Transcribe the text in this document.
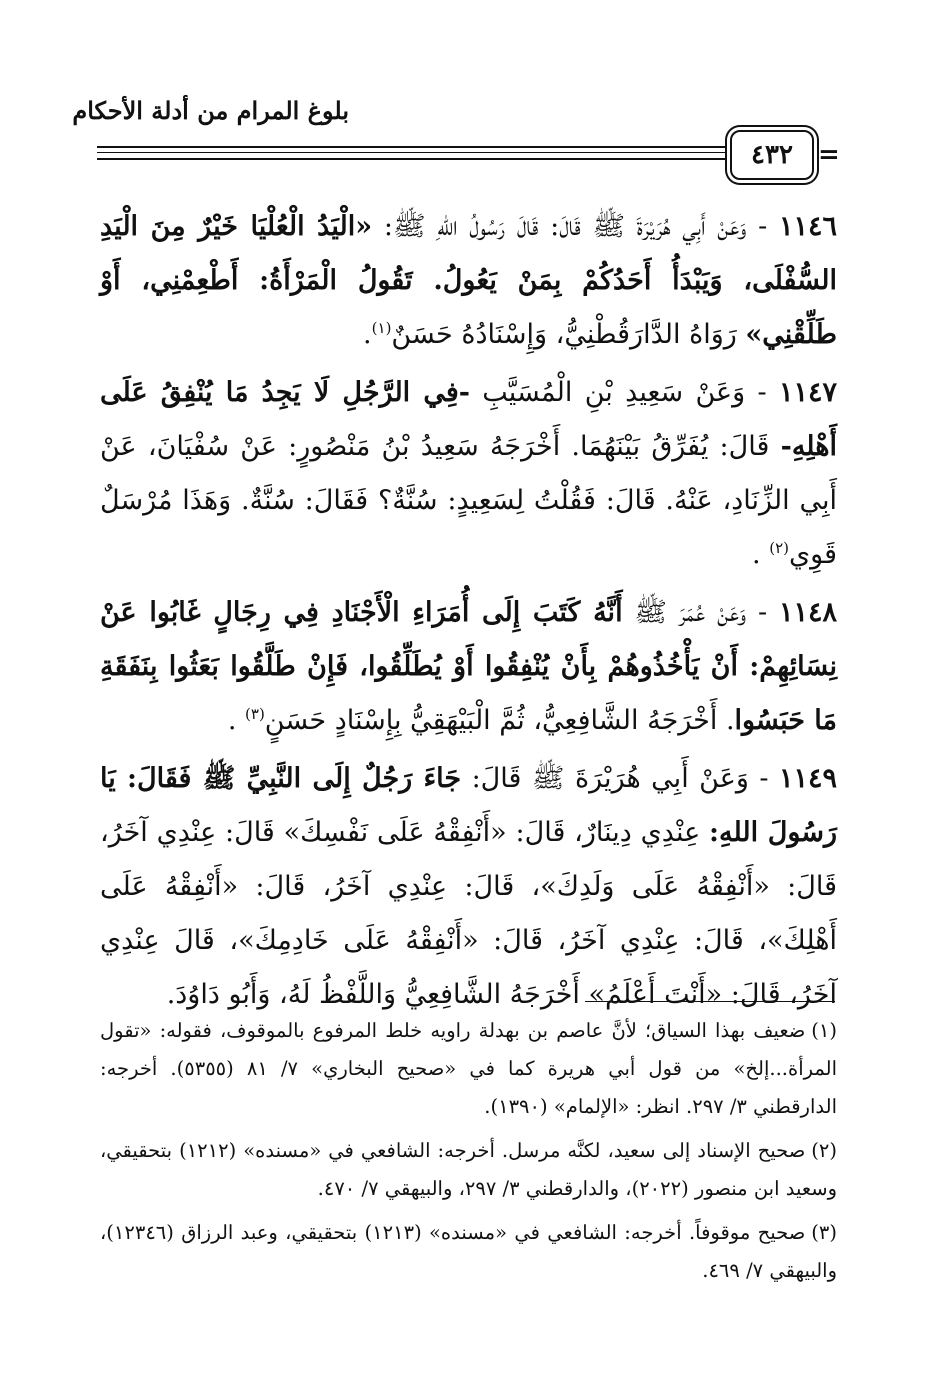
بلوغ المرام من أدلة الأحكام
٤٣٢ =

١١٤٦ - وَعَنْ أَبِي هُرَيْرَةَ ﷺ قَالَ: قَالَ رَسُولُ اللهِ ﷺ: «الْيَدُ الْعُلْيَا خَيْرٌ مِنَ الْيَدِ السُّفْلَى، وَيَبْدَأُ أَحَدُكُمْ بِمَنْ يَعُولُ. تَقُولُ الْمَرْأَةُ: أَطْعِمْنِي، أَوْ طَلِّقْنِي» رَوَاهُ الدَّارَقُطْنِيُّ، وَإِسْنَادُهُ حَسَنٌ$^{(١)}$.

١١٤٧ - وَعَنْ سَعِيدِ بْنِ الْمُسَيَّبِ -فِي الرَّجُلِ لَا يَجِدُ مَا يُنْفِقُ عَلَى أَهْلِهِ- قَالَ: يُفَرِّقُ بَيْنَهُمَا. أَخْرَجَهُ سَعِيدُ بْنُ مَنْصُورٍ: عَنْ سُفْيَانَ، عَنْ أَبِي الزِّنَادِ، عَنْهُ. قَالَ: فَقُلْتُ لِسَعِيدٍ: سُنَّةٌ؟ فَقَالَ: سُنَّةٌ. وَهَذَا مُرْسَلٌ قَوِي$^{(٢)}$ .

١١٤٨ - وَعَنْ عُمَرَ ﷺ أَنَّهُ كَتَبَ إِلَى أُمَرَاءِ الْأَجْنَادِ فِي رِجَالٍ غَابُوا عَنْ نِسَائِهِمْ: أَنْ يَأْخُذُوهُمْ بِأَنْ يُنْفِقُوا أَوْ يُطَلِّقُوا، فَإِنْ طَلَّقُوا بَعَثُوا بِنَفَقَةِ مَا حَبَسُوا. أَخْرَجَهُ الشَّافِعِيُّ، ثُمَّ الْبَيْهَقِيُّ بِإِسْنَادٍ حَسَنٍ$^{(٣)}$ .

١١٤٩ - وَعَنْ أَبِي هُرَيْرَةَ ﷺ قَالَ: جَاءَ رَجُلٌ إِلَى النَّبِيِّ ﷺ فَقَالَ: يَا رَسُولَ اللهِ: عِنْدِي دِينَارٌ، قَالَ: «أَنْفِقْهُ عَلَى نَفْسِكَ» قَالَ: عِنْدِي آخَرُ، قَالَ: «أَنْفِقْهُ عَلَى وَلَدِكَ»، قَالَ: عِنْدِي آخَرُ، قَالَ: «أَنْفِقْهُ عَلَى أَهْلِكَ»، قَالَ: عِنْدِي آخَرُ، قَالَ: «أَنْفِقْهُ عَلَى خَادِمِكَ»، قَالَ عِنْدِي آخَرُ، قَالَ: «أَنْتَ أَعْلَمُ» أَخْرَجَهُ الشَّافِعِيُّ وَاللَّفْظُ لَهُ، وَأَبُو دَاوُدَ.

(١)ضعيف بهذا السياق؛ لأنَّ عاصم بن بهدلة راويه خلط المرفوع بالموقوف، فقوله: «تقول المرأة...إلخ» من قول أبي هريرة كما في «صحيح البخاري» ٧/ ٨١ (٥٣٥٥). أخرجه: الدارقطني ٣/ ٢٩٧. انظر: «الإلمام» (١٣٩٠).

(٢)صحيح الإسناد إلى سعيد، لكنَّه مرسل. أخرجه: الشافعي في «مسنده» (١٢١٢) بتحقيقي، وسعيد ابن منصور (٢٠٢٢)، والدارقطني ٣/ ٢٩٧، والبيهقي ٧/ ٤٧٠.

(٣)صحيح موقوفاً. أخرجه: الشافعي في «مسنده» (١٢١٣) بتحقيقي، وعبد الرزاق (١٢٣٤٦)، والبيهقي ٧/ ٤٦٩.
